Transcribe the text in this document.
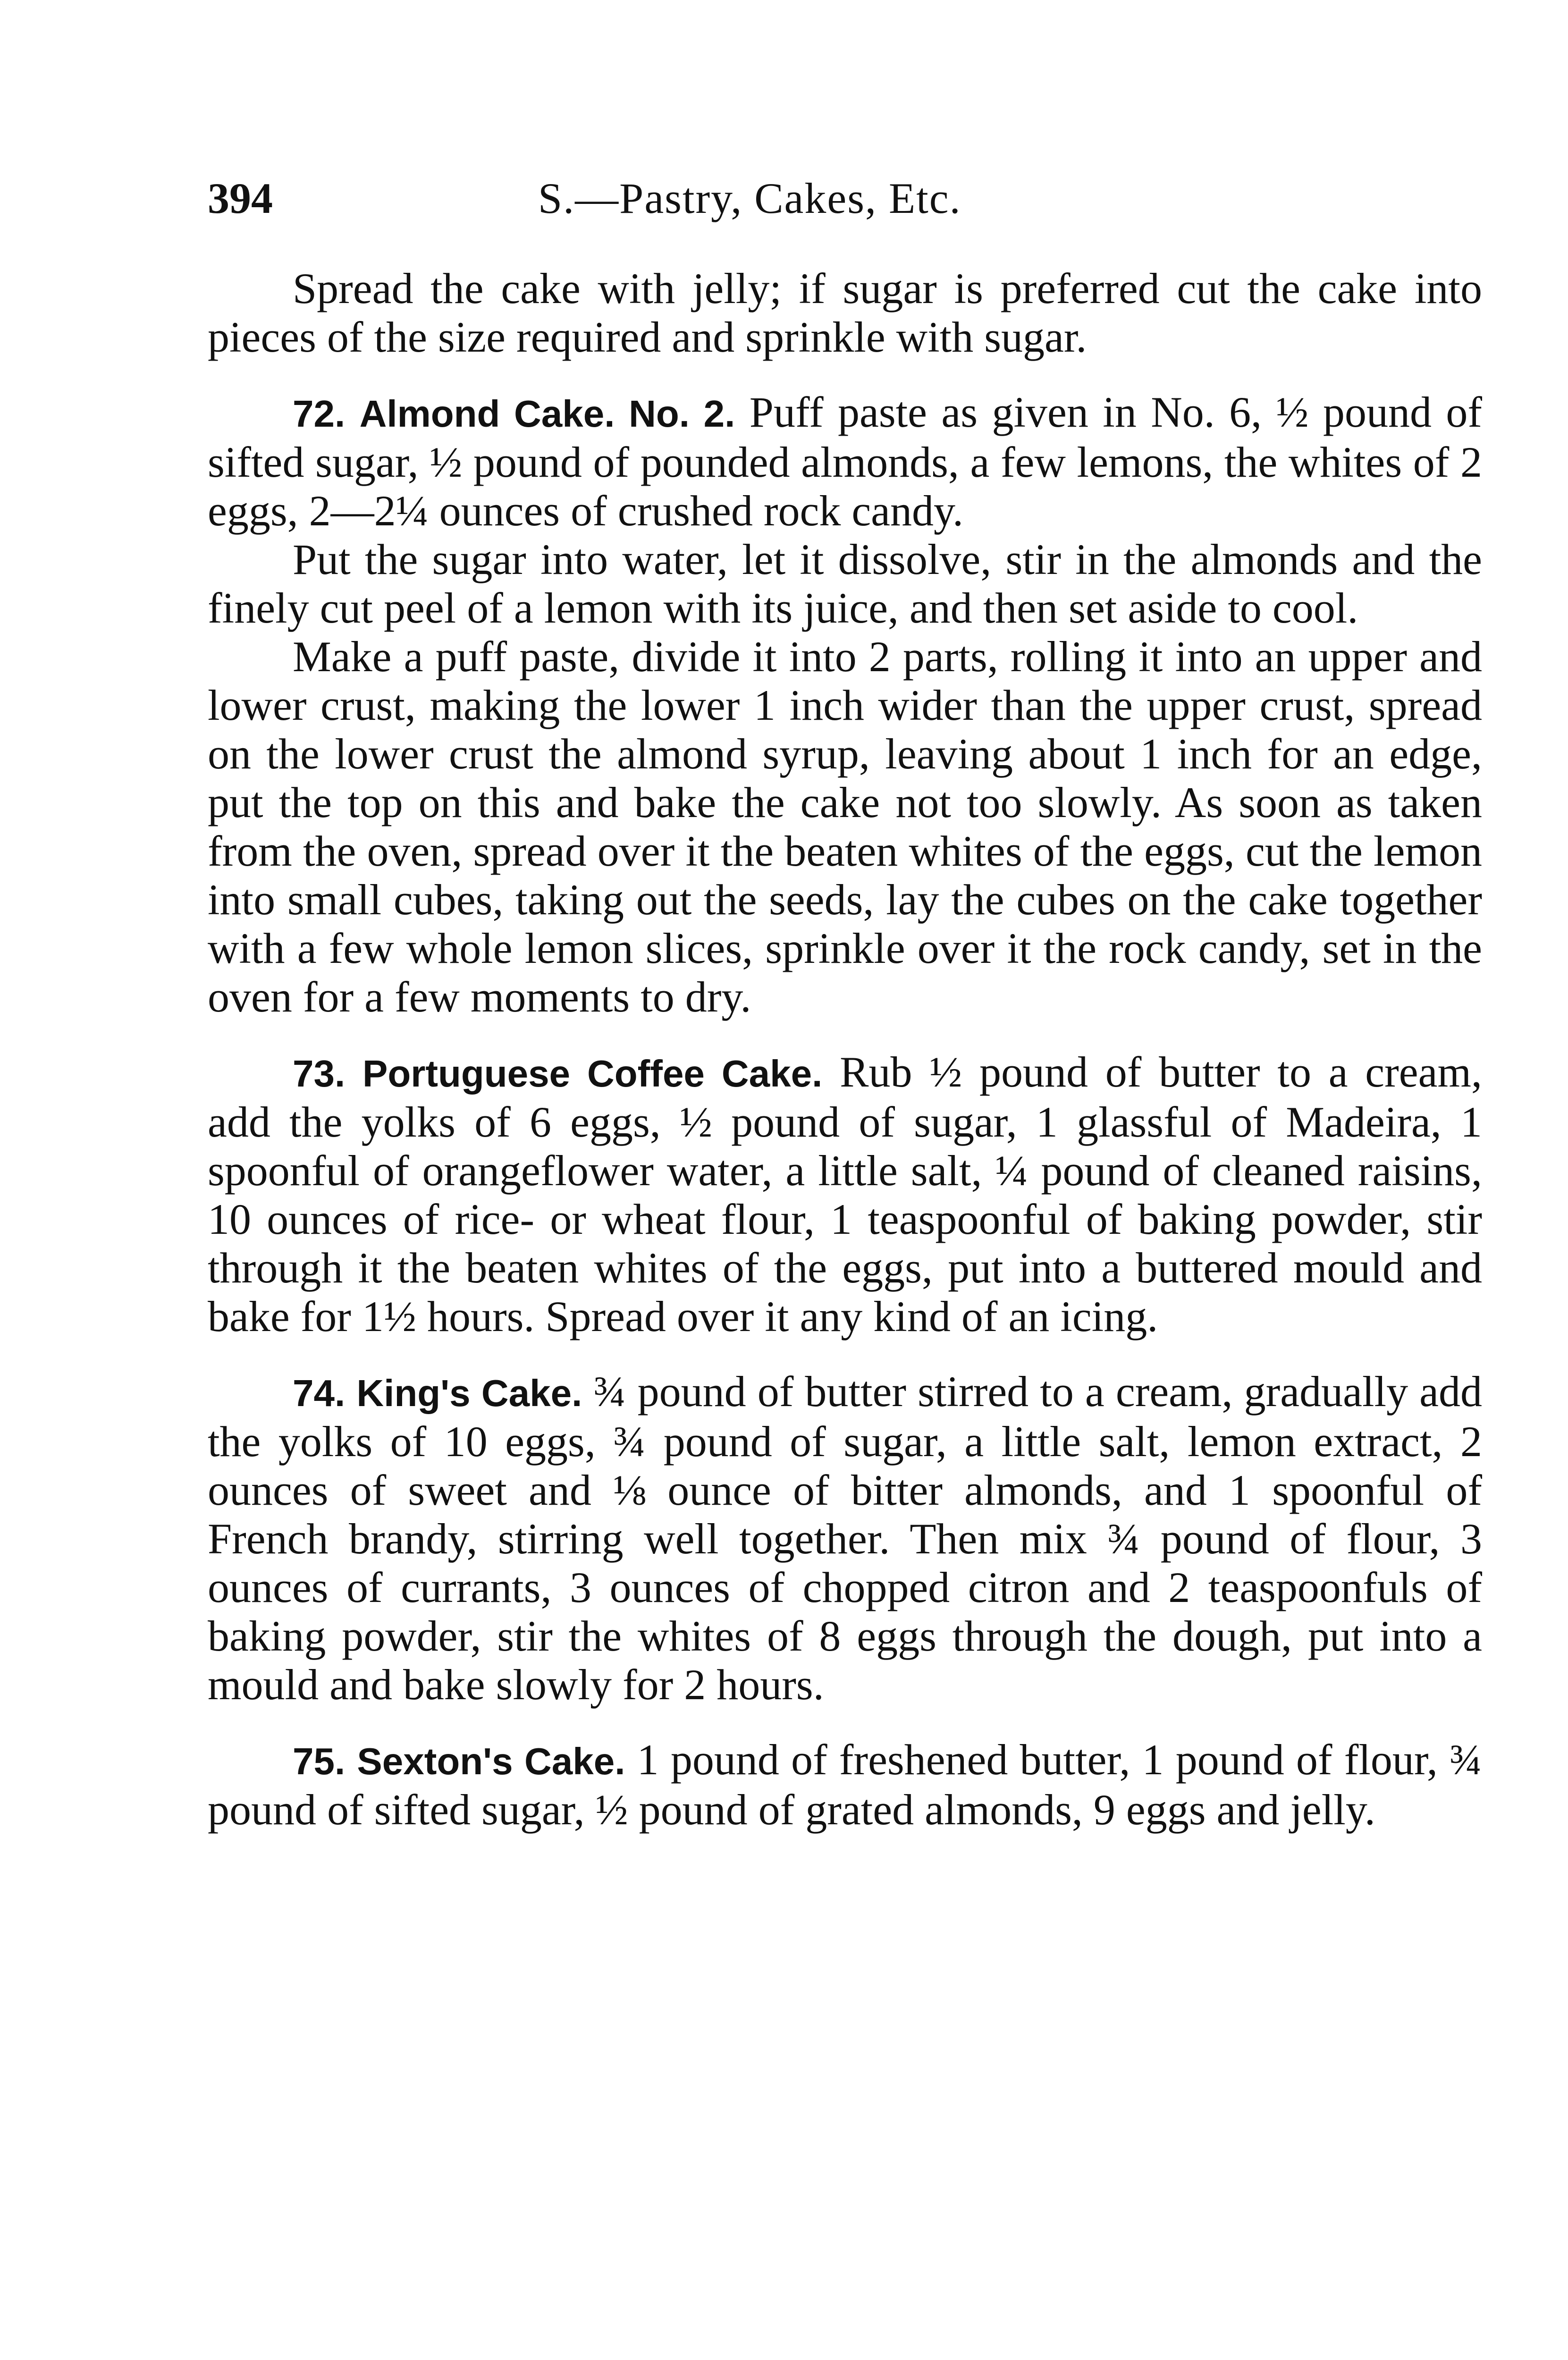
394	S.—Pastry, Cakes, Etc.

Spread the cake with jelly; if sugar is preferred cut the cake into pieces of the size required and sprinkle with sugar.

72. Almond Cake. No. 2. Puff paste as given in No. 6, ½ pound of sifted sugar, ½ pound of pounded almonds, a few lemons, the whites of 2 eggs, 2—2¼ ounces of crushed rock candy.

Put the sugar into water, let it dissolve, stir in the almonds and the finely cut peel of a lemon with its juice, and then set aside to cool.

Make a puff paste, divide it into 2 parts, rolling it into an upper and lower crust, making the lower 1 inch wider than the upper crust, spread on the lower crust the almond syrup, leaving about 1 inch for an edge, put the top on this and bake the cake not too slowly. As soon as taken from the oven, spread over it the beaten whites of the eggs, cut the lemon into small cubes, taking out the seeds, lay the cubes on the cake together with a few whole lemon slices, sprinkle over it the rock candy, set in the oven for a few moments to dry.

73. Portuguese Coffee Cake. Rub ½ pound of butter to a cream, add the yolks of 6 eggs, ½ pound of sugar, 1 glassful of Madeira, 1 spoonful of orangeflower water, a little salt, ¼ pound of cleaned raisins, 10 ounces of rice- or wheat flour, 1 teaspoonful of baking powder, stir through it the beaten whites of the eggs, put into a buttered mould and bake for 1½ hours. Spread over it any kind of an icing.

74. King's Cake. ¾ pound of butter stirred to a cream, gradually add the yolks of 10 eggs, ¾ pound of sugar, a little salt, lemon extract, 2 ounces of sweet and ⅛ ounce of bitter almonds, and 1 spoonful of French brandy, stirring well together. Then mix ¾ pound of flour, 3 ounces of currants, 3 ounces of chopped citron and 2 teaspoonfuls of baking powder, stir the whites of 8 eggs through the dough, put into a mould and bake slowly for 2 hours.

75. Sexton's Cake. 1 pound of freshened butter, 1 pound of flour, ¾ pound of sifted sugar, ½ pound of grated almonds, 9 eggs and jelly.
